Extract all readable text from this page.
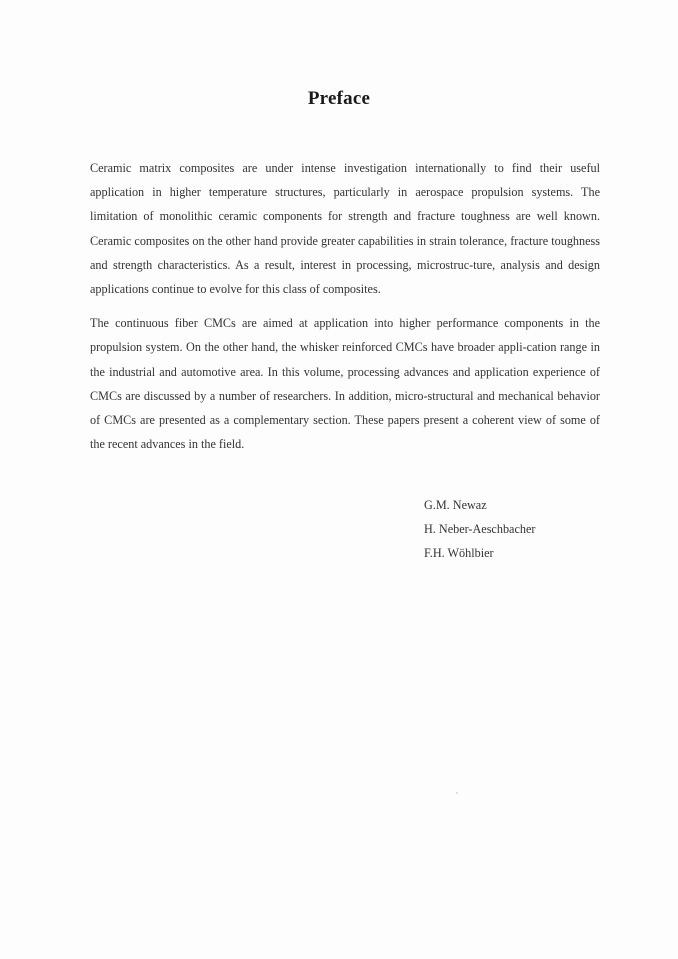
Preface

Ceramic matrix composites are under intense investigation internationally to find their useful application in higher temperature structures, particularly in aerospace propulsion systems. The limitation of monolithic ceramic components for strength and fracture toughness are well known. Ceramic composites on the other hand provide greater capabilities in strain tolerance, fracture toughness and strength characteristics. As a result, interest in processing, microstruc-ture, analysis and design applications continue to evolve for this class of composites.

The continuous fiber CMCs are aimed at application into higher performance components in the propulsion system. On the other hand, the whisker reinforced CMCs have broader appli-cation range in the industrial and automotive area. In this volume, processing advances and application experience of CMCs are discussed by a number of researchers. In addition, micro-structural and mechanical behavior of CMCs are presented as a complementary section. These papers present a coherent view of some of the recent advances in the field.

G.M. Newaz
H. Neber-Aeschbacher
F.H. Wöhlbier
